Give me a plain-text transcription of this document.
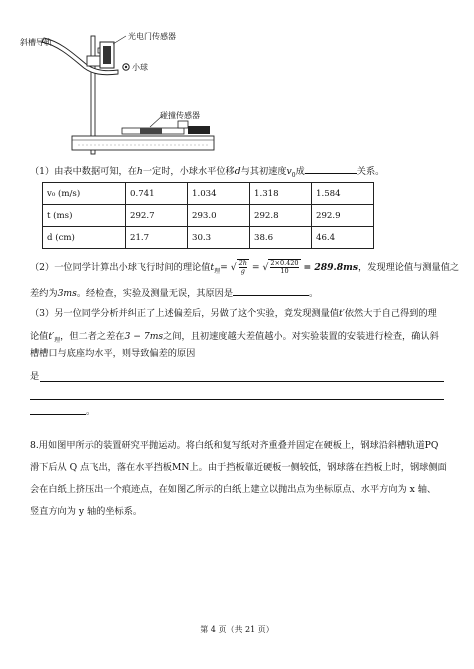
斜槽导轨
光电门传感器
小球
碰撞传感器
（1）由表中数据可知，在h一定时，小球水平位移d与其初速度$v_0$成	关系。
v₀ (m/s)	0.741	1.034	1.318	1.584
t (ms)	292.7	293.0	292.8	292.9
d (cm)	21.7	30.3	38.6	46.4
（2）一位同学计算出小球飞行时间的理论值$t_理=$ √ $\frac{2h}{g}$ = √ $\frac{2\times 0.420}{10} = 289.8ms$，发现理论值与测量值之
差约为3ms。经检查，实验及测量无误，其原因是	。
（3）另一位同学分析并纠正了上述偏差后，另做了这个实验，竟发现测量值t′依然大于自己得到的理
论值$t'_理$，但二者之差在3 − 7ms之间，且初速度越大差值越小。对实验装置的安装进行检查，确认斜
槽槽口与底座均水平，则导致偏差的原因
是
。
8.用如图甲所示的装置研究平抛运动。将白纸和复写纸对齐重叠并固定在硬板上，钢球沿斜槽轨道PQ
滑下后从 Q 点飞出，落在水平挡板MN上。由于挡板靠近硬板一侧较低，钢球落在挡板上时，钢球侧面
会在白纸上挤压出一个痕迹点，在如图乙所示的白纸上建立以抛出点为坐标原点、水平方向为 x 轴、
竖直方向为 y 轴的坐标系。
第 4 页（共 21 页）
